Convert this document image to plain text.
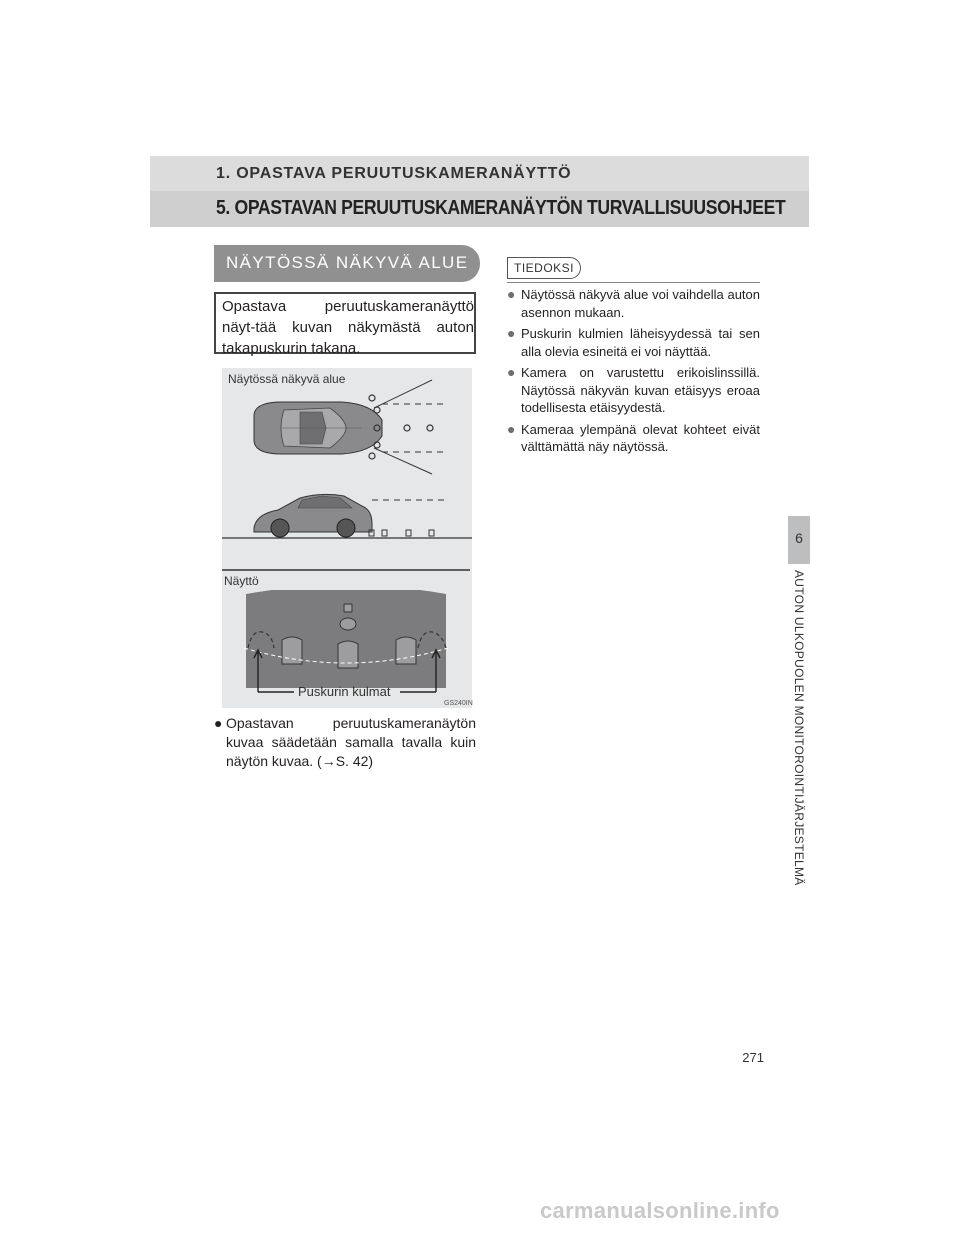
1. OPASTAVA PERUUTUSKAMERANÄYTTÖ
5. OPASTAVAN PERUUTUSKAMERANÄYTÖN TURVALLISUUSOHJEET
NÄYTÖSSÄ NÄKYVÄ ALUE
Opastava peruutuskameranäyttö näyt-tää kuvan näkymästä auton takapuskurin takana.
Näytössä näkyvä alue
Näyttö
Puskurin kulmat
GS240IN
● Opastavan peruutuskameranäytön kuvaa säädetään samalla tavalla kuin näytön kuvaa. (→S. 42)
TIEDOKSI
● Näytössä näkyvä alue voi vaihdella auton asennon mukaan.
● Puskurin kulmien läheisyydessä tai sen alla olevia esineitä ei voi näyttää.
● Kamera on varustettu erikoislinssillä. Näytössä näkyvän kuvan etäisyys eroaa todellisesta etäisyydestä.
● Kameraa ylempänä olevat kohteet eivät välttämättä näy näytössä.
6
AUTON ULKOPUOLEN MONITOROINTIJÄRJESTELMÄ
271
carmanualsonline.info
